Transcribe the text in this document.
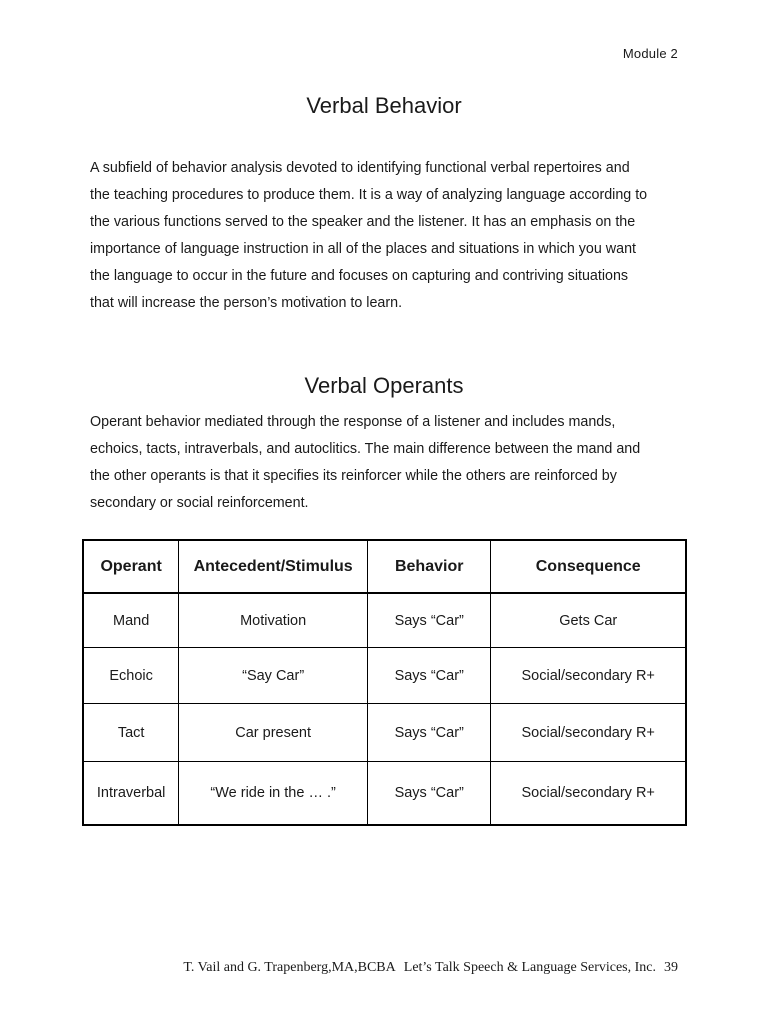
Module 2
Verbal Behavior
A subfield of behavior analysis devoted to identifying functional verbal repertoires and
the teaching procedures to produce them. It is a way of analyzing language according to
the various functions served to the speaker and the listener. It has an emphasis on the
importance of language instruction in all of the places and situations in which you want
the language to occur in the future and focuses on capturing and contriving situations
that will increase the person’s motivation to learn.
Verbal Operants
Operant behavior mediated through the response of a listener and includes mands,
echoics, tacts, intraverbals, and autoclitics. The main difference between the mand and
the other operants is that it specifies its reinforcer while the others are reinforced by
secondary or social reinforcement.
Operant	Antecedent/Stimulus	Behavior	Consequence
Mand	Motivation	Says “Car”	Gets Car
Echoic	“Say Car”	Says “Car”	Social/secondary R+
Tact	Car present	Says “Car”	Social/secondary R+
Intraverbal	“We ride in the … .”	Says “Car”	Social/secondary R+
T. Vail and G. Trapenberg,MA,BCBA Let’s Talk Speech & Language Services, Inc. 39
